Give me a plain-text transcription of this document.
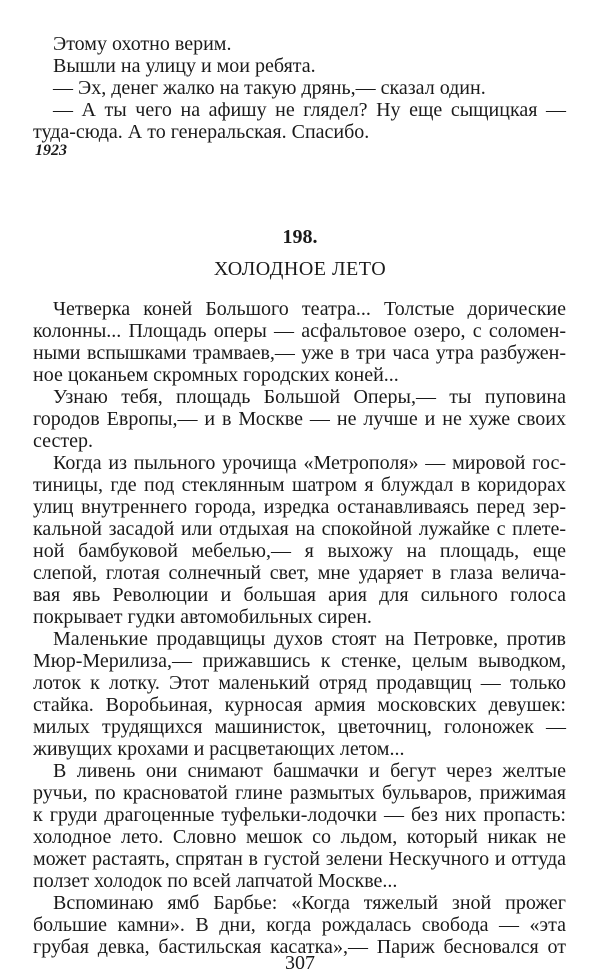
Этому охотно верим.
Вышли на улицу и мои ребята.
— Эх, денег жалко на такую дрянь,— сказал один.
— А ты чего на афишу не глядел? Ну еще сыщицкая —
туда-сюда. А то генеральская. Спасибо.
1923
198.
ХОЛОДНОЕ ЛЕТО
Четверка коней Большого театра... Толстые дорические
колонны... Площадь оперы — асфальтовое озеро, с соломен-
ными вспышками трамваев,— уже в три часа утра разбужен-
ное цоканьем скромных городских коней...
Узнаю тебя, площадь Большой Оперы,— ты пуповина
городов Европы,— и в Москве — не лучше и не хуже своих
сестер.
Когда из пыльного урочища «Метрополя» — мировой гос-
тиницы, где под стеклянным шатром я блуждал в коридорах
улиц внутреннего города, изредка останавливаясь перед зер-
кальной засадой или отдыхая на спокойной лужайке с плете-
ной бамбуковой мебелью,— я выхожу на площадь, еще
слепой, глотая солнечный свет, мне ударяет в глаза велича-
вая явь Революции и большая ария для сильного голоса
покрывает гудки автомобильных сирен.
Маленькие продавщицы духов стоят на Петровке, против
Мюр-Мерилиза,— прижавшись к стенке, целым выводком,
лоток к лотку. Этот маленький отряд продавщиц — только
стайка. Воробьиная, курносая армия московских девушек:
милых трудящихся машинисток, цветочниц, голоножек —
живущих крохами и расцветающих летом...
В ливень они снимают башмачки и бегут через желтые
ручьи, по красноватой глине размытых бульваров, прижимая
к груди драгоценные туфельки-лодочки — без них пропасть:
холодное лето. Словно мешок со льдом, который никак не
может растаять, спрятан в густой зелени Нескучного и оттуда
ползет холодок по всей лапчатой Москве...
Вспоминаю ямб Барбье: «Когда тяжелый зной прожег
большие камни». В дни, когда рождалась свобода — «эта
грубая девка, бастильская касатка»,— Париж бесновался от
307
